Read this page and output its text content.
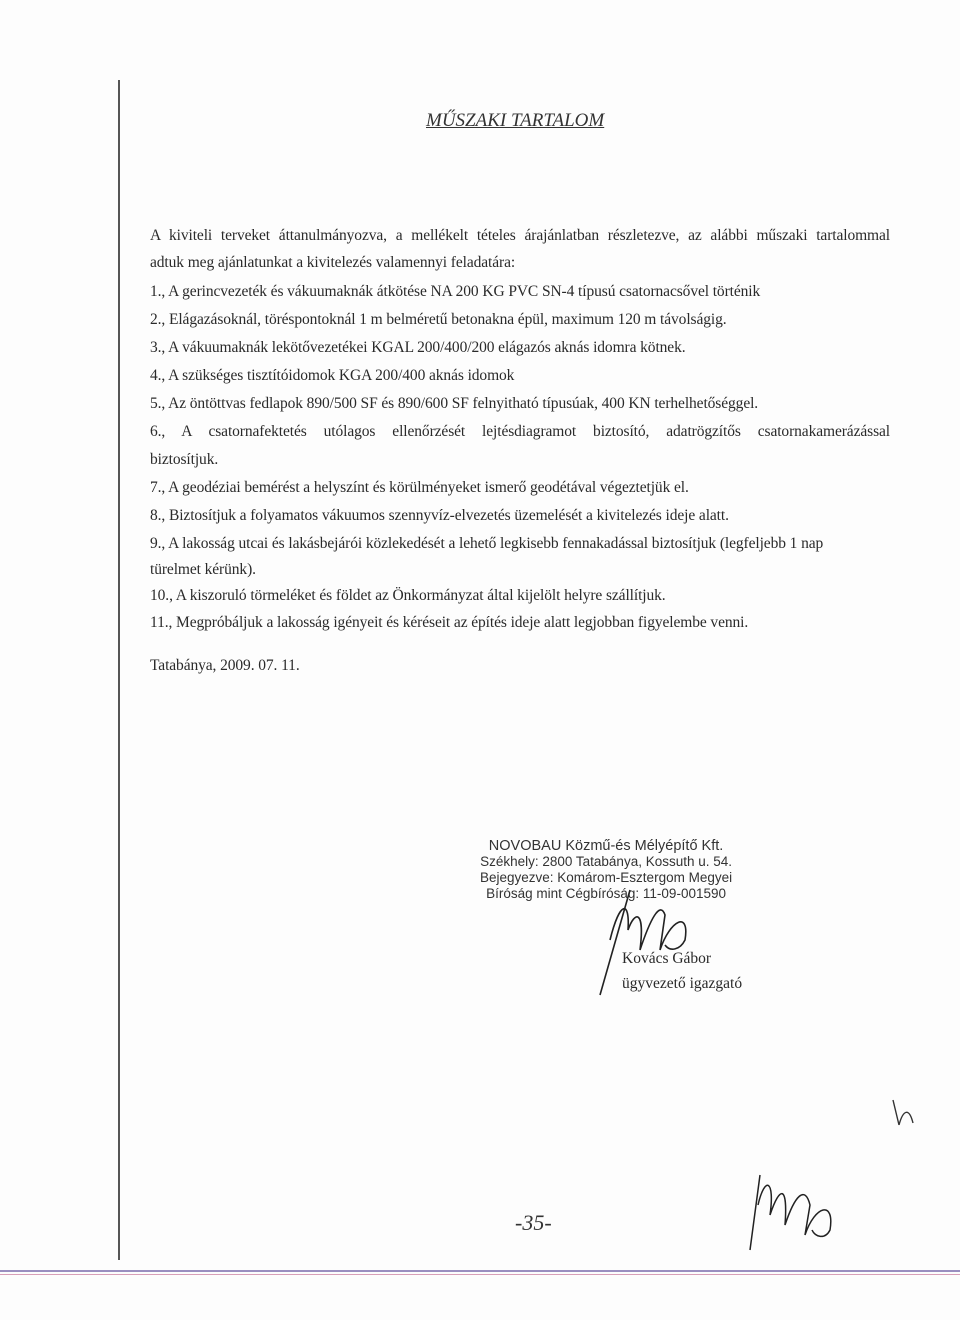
MŰSZAKI TARTALOM
A kiviteli terveket áttanulmányozva, a mellékelt tételes árajánlatban részletezve, az alábbi műszaki tartalommal
adtuk meg ajánlatunkat a kivitelezés valamennyi feladatára:
1., A gerincvezeték és vákuumaknák átkötése NA 200 KG PVC SN-4 típusú csatornacsővel történik
2., Elágazásoknál, töréspontoknál 1 m belméretű betonakna épül, maximum 120 m távolságig.
3., A vákuumaknák lekötővezetékei KGAL 200/400/200 elágazós aknás idomra kötnek.
4., A szükséges tisztítóidomok KGA 200/400 aknás idomok
5., Az öntöttvas fedlapok 890/500 SF és 890/600 SF felnyitható típusúak, 400 KN terhelhetőséggel.
6., A csatornafektetés utólagos ellenőrzését lejtésdiagramot biztosító, adatrögzítős csatornakamerázással
biztosítjuk.
7., A geodéziai bemérést a helyszínt és körülményeket ismerő geodétával végeztetjük el.
8., Biztosítjuk a folyamatos vákuumos szennyvíz-elvezetés üzemelését a kivitelezés ideje alatt.
9., A lakosság utcai és lakásbejárói közlekedését a lehető legkisebb fennakadással biztosítjuk (legfeljebb 1 nap
türelmet kérünk).
10., A kiszoruló törmeléket és földet az Önkormányzat által kijelölt helyre szállítjuk.
11., Megpróbáljuk a lakosság igényeit és kéréseit az építés ideje alatt legjobban figyelembe venni.
Tatabánya, 2009. 07. 11.
NOVOBAU Közmű-és Mélyépítő Kft.
Székhely: 2800 Tatabánya, Kossuth u. 54.
Bejegyezve: Komárom-Esztergom Megyei
Bíróság mint Cégbíróság: 11-09-001590
Kovács Gábor
ügyvezető igazgató
-35-
